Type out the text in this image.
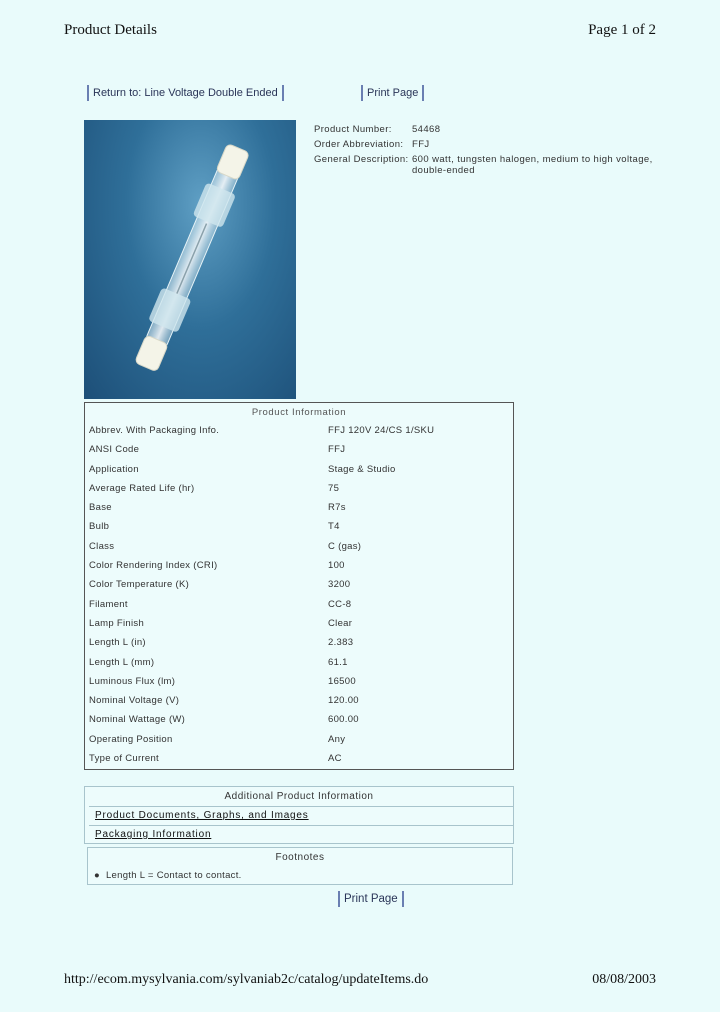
Product Details	Page 1 of 2
Return to: Line Voltage Double Ended	Print Page
Product Number:	54468
Order Abbreviation: FFJ
General Description: 600 watt, tungsten halogen, medium to high voltage, double-ended
Product Information
Abbrev. With Packaging Info.	FFJ 120V 24/CS 1/SKU
ANSI Code	FFJ
Application	Stage & Studio
Average Rated Life (hr)	75
Base	R7s
Bulb	T4
Class	C (gas)
Color Rendering Index (CRI)	100
Color Temperature (K)	3200
Filament	CC-8
Lamp Finish	Clear
Length L (in)	2.383
Length L (mm)	61.1
Luminous Flux (lm)	16500
Nominal Voltage (V)	120.00
Nominal Wattage (W)	600.00
Operating Position	Any
Type of Current	AC
Additional Product Information
Product Documents, Graphs, and Images
Packaging Information
Footnotes
● Length L = Contact to contact.
Print Page
http://ecom.mysylvania.com/sylvaniab2c/catalog/updateItems.do	08/08/2003
